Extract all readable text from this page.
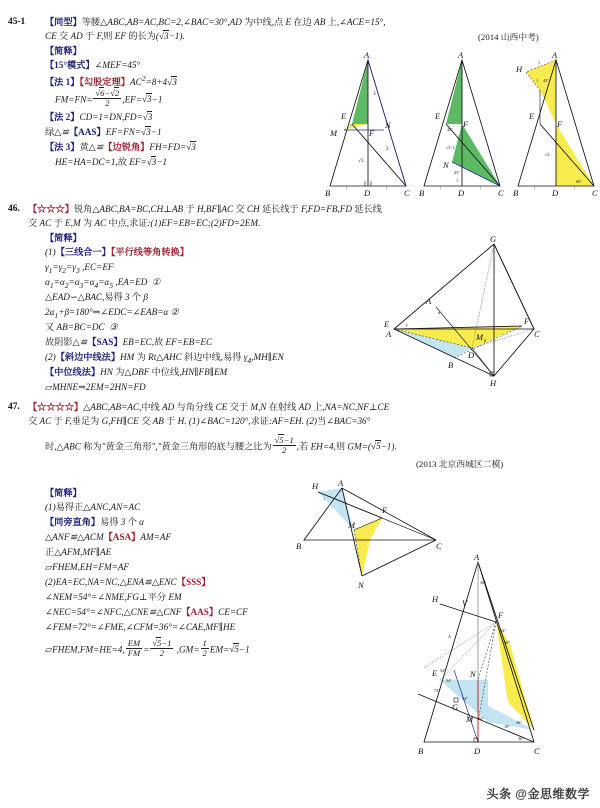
45-1 【同型】等腰△ABC,AB=AC,BC=2,∠BAC=30°,AD 为中线,点 E 在边 AB 上,∠ACE=15°,
CE 交 AD 于 F,则 EF 的长为(√3−1).	(2014 山西中考)
【简释】
【15°模式】∠MEF=45°
【法 1】【勾股定理】$AC^2=8+4√3$
$FM=FN= \frac{√6-√2}{2} ,EF=√3-1$
【法 2】CD=1=DN,FD=√3
绿△≌【AAS】EF=FN=√3−1
【法 3】黄△≌【边锐角】FH=FD=√3
HE=HA=DC=1,故 EF=√3−1
A
E
M	F
N
B	D	C
3
2
√3
|	|
A
E
F
N
B	D	C
45°
√3−1
45°
1
|	|
A
H
E
F
B	D	C
1
1 45°
√3
60°
|	|
46. 【☆☆☆】锐角△ABC,BA=BC,CH⊥AB 于 H,BF∥AC 交 CH 延长线于 F,FD=FB,FD 延长线
交 AC 于 E,M 为 AC 中点,求证:(1)EF=EB=EC;(2)FD=2EM.
【简释】
(1)【三线合一】【平行线等角转换】
$\gamma_1=\gamma_2=\gamma_3$ ,EC=EF
$\alpha_1=\alpha_2=\alpha_3=\alpha_4=\alpha_5$ ,EA=ED  ①
△EAD∽△BAC,易得 3 个 β
$2\alpha_1+\beta=180^\circ\Rightarrow\angle EDC=\angle EAB=\alpha$ ②
又 AB=BC=DC  ③
故阴影△≌【SAS】EB=EC,故 EF=EB=EC
(2)【斜边中线法】HM 为 Rt△AHC 斜边中线,易得 $\gamma_4,MH\parallel EN$
【中位线法】HN 为△DBF 中位线,HN∥FB∥EM
▱MHNE⇒2EM=2HN=FD
G
F
E
A
D
A
B
H
M	C
γ
α
β
47. 【☆☆☆☆】△ABC,AB=AC,中线 AD 与角分线 CE 交于 M,N 在射线 AD 上,NA=NC,NF⊥CE
交 AC 于 F,垂足为 G,FH∥CE 交 AB 于 H. (1)∠BAC=120°,求证:AF=EH. (2)当∠BAC=36°
时,△ABC 称为"黄金三角形","黄金三角形的底与腰之比为 $\frac{√5-1}{2}$ ,若 EH=4,则 GM=(√5−1).
(2013 北京西城区二模)
【简释】
(1)易得正△ANC,AN=AC
【同旁直角】易得 3 个 α
△ANF≌△ACM【ASA】AM=AF
正△AFM,MF∥AE
▱FHEM,EH=FM=AF
(2)EA=EC,NA=NC,△ENA≌△ENC【SSS】
∠NEM=54°=∠NME,FG⊥平分 EM
∠NEC=54°=∠NFC,△CNE≌△CNF【AAS】CE=CF
∠FEM=72°=∠FME,∠CFM=36°=∠CAE,MF∥HE
▱FHEM,FM=HE=4, $\frac{EM}{FM} = \frac{√5-1}{2} ,GM= \frac{1}{2} EM=√5-1$
H A
F
M
B	C
N
|
A
H	V
F
E	N
G
M
B	D	C
36°
A
54°
36°
54°
54°
72°
54°
54°
36°
18°
36°
头条 @金思维数学
